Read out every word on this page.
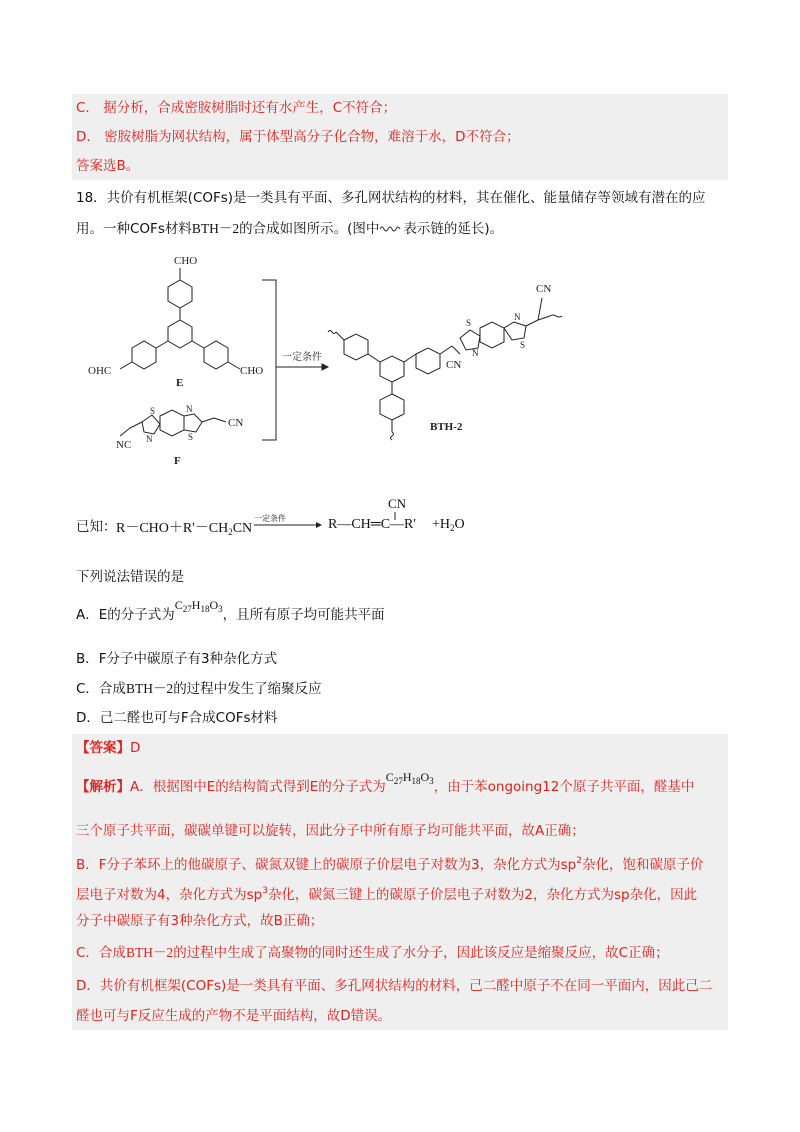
C.　据分析，合成密胺树脂时还有水产生，C不符合；
D.　密胺树脂为网状结构，属于体型高分子化合物，难溶于水，D不符合；
答案选B。
18．共价有机框架(COFs)是一类具有平面、多孔网状结构的材料，其在催化、能量储存等领域有潜在的应
用。一种COFs材料BTH－2的合成如图所示。(图中 表示链的延长)。
CHO
OHC	CHO
E
NC
CN
S	N
N	S
F
一定条件
CN
CN
S
N
N
S
BTH-2
已知： $R-CHO+R'-CH_2CN$
一定条件
CN
R—CH═C—R' $+H_2O$
下列说法错误的是
A．E的分子式为$C_{27}H_{18}O_3$，且所有原子均可能共平面
B．F分子中碳原子有3种杂化方式
C．合成BTH－2的过程中发生了缩聚反应
D．己二醛也可与F合成COFs材料
【答案】D
【解析】A．根据图中E的结构简式得到E的分子式为$C_{27}H_{18}O_3$，由于苯ongoing12个原子共平面，醛基中
三个原子共平面，碳碳单键可以旋转，因此分子中所有原子均可能共平面，故A正确；
B．F分子苯环上的他碳原子、碳氮双键上的碳原子价层电子对数为3，杂化方式为$sp^2$杂化，饱和碳原子价
层电子对数为4，杂化方式为$sp^3$杂化，碳氮三键上的碳原子价层电子对数为2，杂化方式为sp杂化，因此
分子中碳原子有3种杂化方式，故B正确；
C．合成BTH－2的过程中生成了高聚物的同时还生成了水分子，因此该反应是缩聚反应，故C正确；
D．共价有机框架(COFs)是一类具有平面、多孔网状结构的材料，己二醛中原子不在同一平面内，因此己二
醛也可与F反应生成的产物不是平面结构，故D错误。
